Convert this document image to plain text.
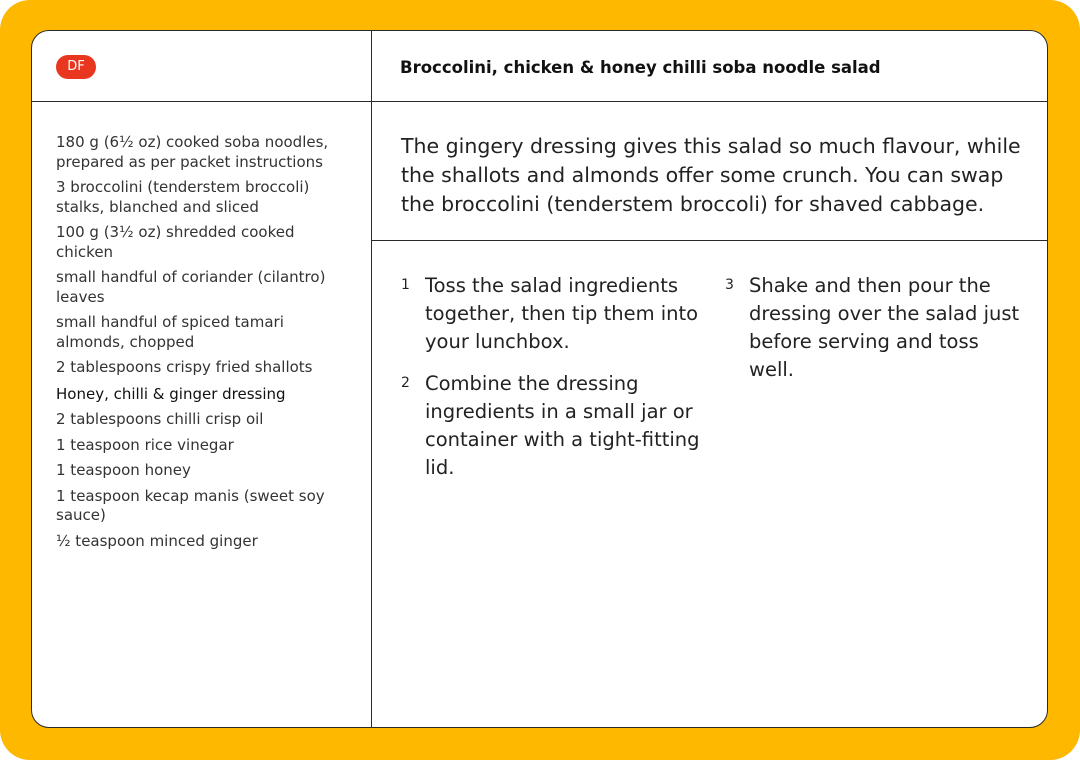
DF	Broccolini, chicken & honey chilli soba noodle salad
180 g (6½ oz) cooked soba noodles, prepared as per packet instructions
3 broccolini (tenderstem broccoli) stalks, blanched and sliced
100 g (3½ oz) shredded cooked chicken
small handful of coriander (cilantro) leaves
small handful of spiced tamari almonds, chopped
2 tablespoons crispy fried shallots
Honey, chilli & ginger dressing
2 tablespoons chilli crisp oil
1 teaspoon rice vinegar
1 teaspoon honey
1 teaspoon kecap manis (sweet soy sauce)
½ teaspoon minced ginger
The gingery dressing gives this salad so much flavour, while the shallots and almonds offer some crunch. You can swap the broccolini (tenderstem broccoli) for shaved cabbage.
1 Toss the salad ingredients together, then tip them into your lunchbox.
2 Combine the dressing ingredients in a small jar or container with a tight-fitting lid.
3 Shake and then pour the dressing over the salad just before serving and toss well.
